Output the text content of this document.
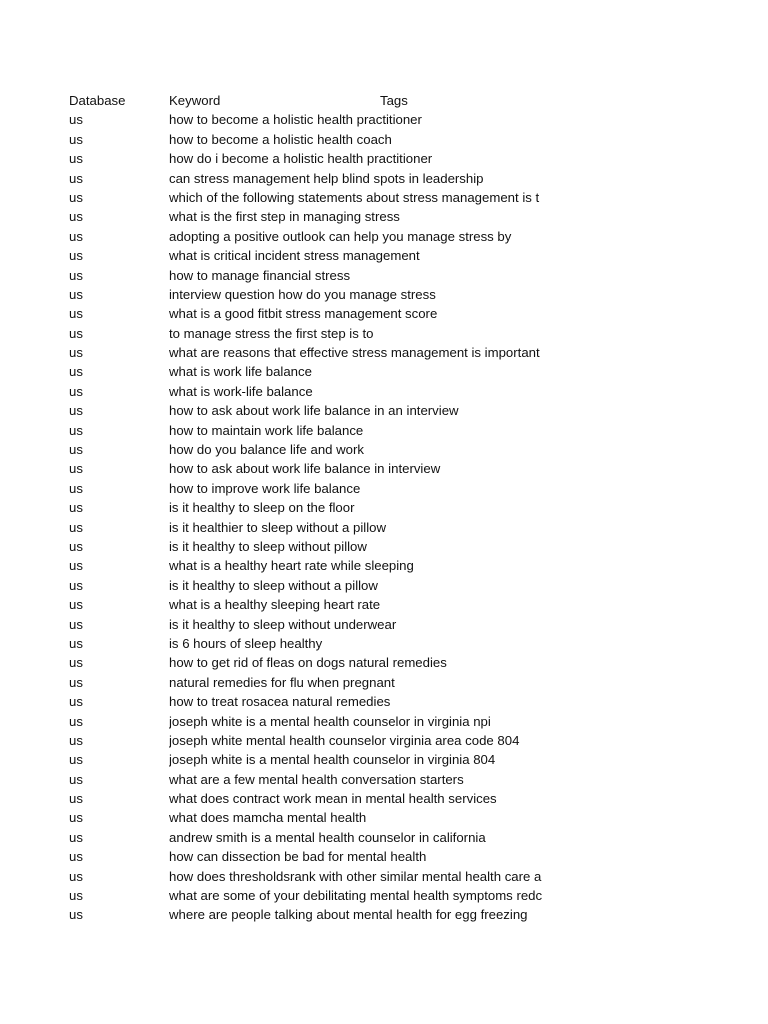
Database	Keyword	Tags
us	how to become a holistic health practitioner
us	how to become a holistic health coach
us	how do i become a holistic health practitioner
us	can stress management help blind spots in leadership
us	which of the following statements about stress management is t
us	what is the first step in managing stress
us	adopting a positive outlook can help you manage stress by
us	what is critical incident stress management
us	how to manage financial stress
us	interview question how do you manage stress
us	what is a good fitbit stress management score
us	to manage stress the first step is to
us	what are reasons that effective stress management is important
us	what is work life balance
us	what is work-life balance
us	how to ask about work life balance in an interview
us	how to maintain work life balance
us	how do you balance life and work
us	how to ask about work life balance in interview
us	how to improve work life balance
us	is it healthy to sleep on the floor
us	is it healthier to sleep without a pillow
us	is it healthy to sleep without pillow
us	what is a healthy heart rate while sleeping
us	is it healthy to sleep without a pillow
us	what is a healthy sleeping heart rate
us	is it healthy to sleep without underwear
us	is 6 hours of sleep healthy
us	how to get rid of fleas on dogs natural remedies
us	natural remedies for flu when pregnant
us	how to treat rosacea natural remedies
us	joseph white is a mental health counselor in virginia npi
us	joseph white mental health counselor virginia area code 804
us	joseph white is a mental health counselor in virginia 804
us	what are a few mental health conversation starters
us	what does contract work mean in mental health services
us	what does mamcha mental health
us	andrew smith is a mental health counselor in california
us	how can dissection be bad for mental health
us	how does thresholdsrank with other similar mental health care a
us	what are some of your debilitating mental health symptoms redc
us	where are people talking about mental health for egg freezing
